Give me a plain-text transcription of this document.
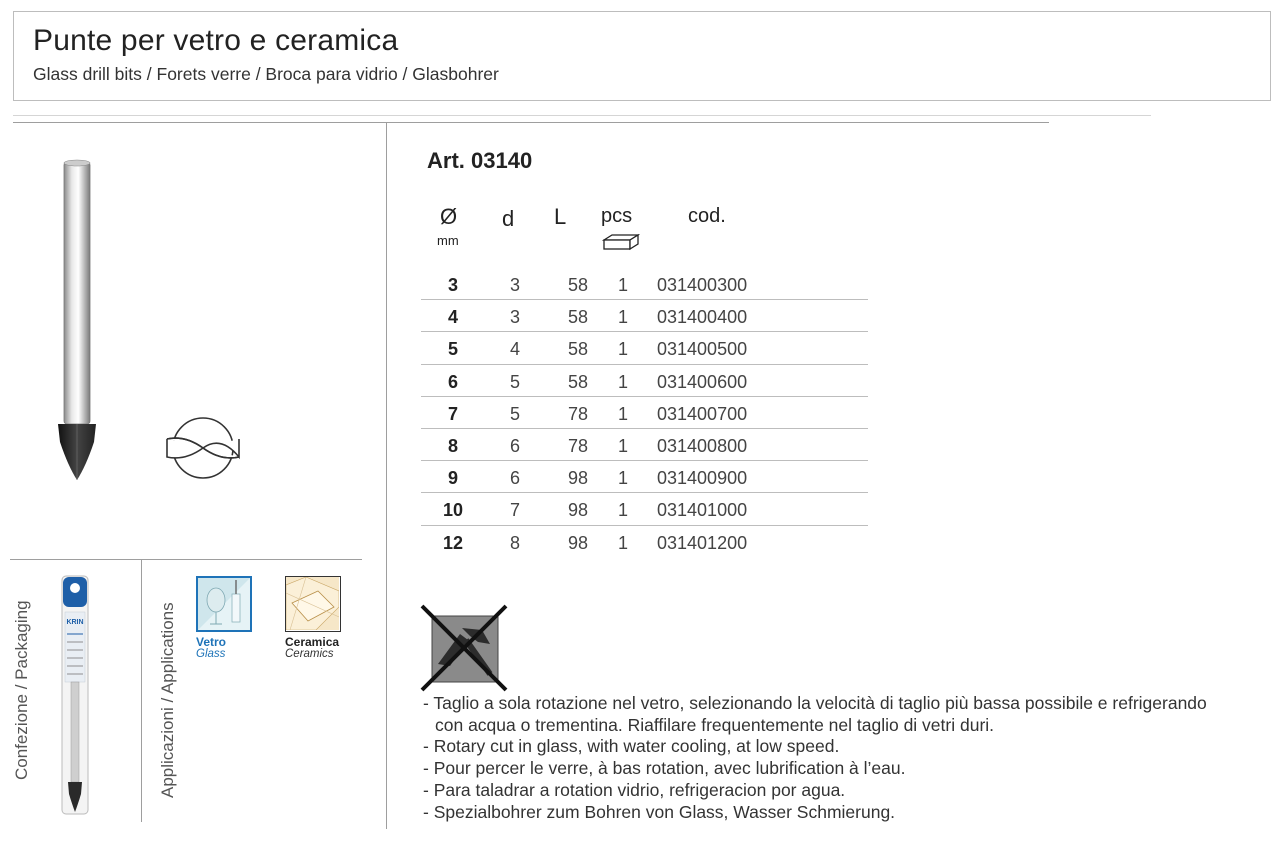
Punte per vetro e ceramica
Glass drill bits / Forets verre / Broca para vidrio / Glasbohrer
Confezione / Packaging	Applicazioni / Applications
KRIN
Vetro
Glass
Ceramica
Ceramics
Art. 03140
Ø
mm
d L pcs	cod.
3	3	58 1 031400300
4	3	58 1 031400400
5	4	58 1 031400500
6	5	58 1 031400600
7	5	78 1 031400700
8	6	78 1 031400800
9	6	98 1 031400900
10	7	98 1 031401000
12	8	98 1 031401200
- Taglio a sola rotazione nel vetro, selezionando la velocità di taglio più bassa possibile e refrigerando
con acqua o trementina. Riaffilare frequentemente nel taglio di vetri duri.
- Rotary cut in glass, with water cooling, at low speed.
- Pour percer le verre, à bas rotation, avec lubrification à l’eau.
- Para taladrar a rotation vidrio, refrigeracion por agua.
- Spezialbohrer zum Bohren von Glass, Wasser Schmierung.
